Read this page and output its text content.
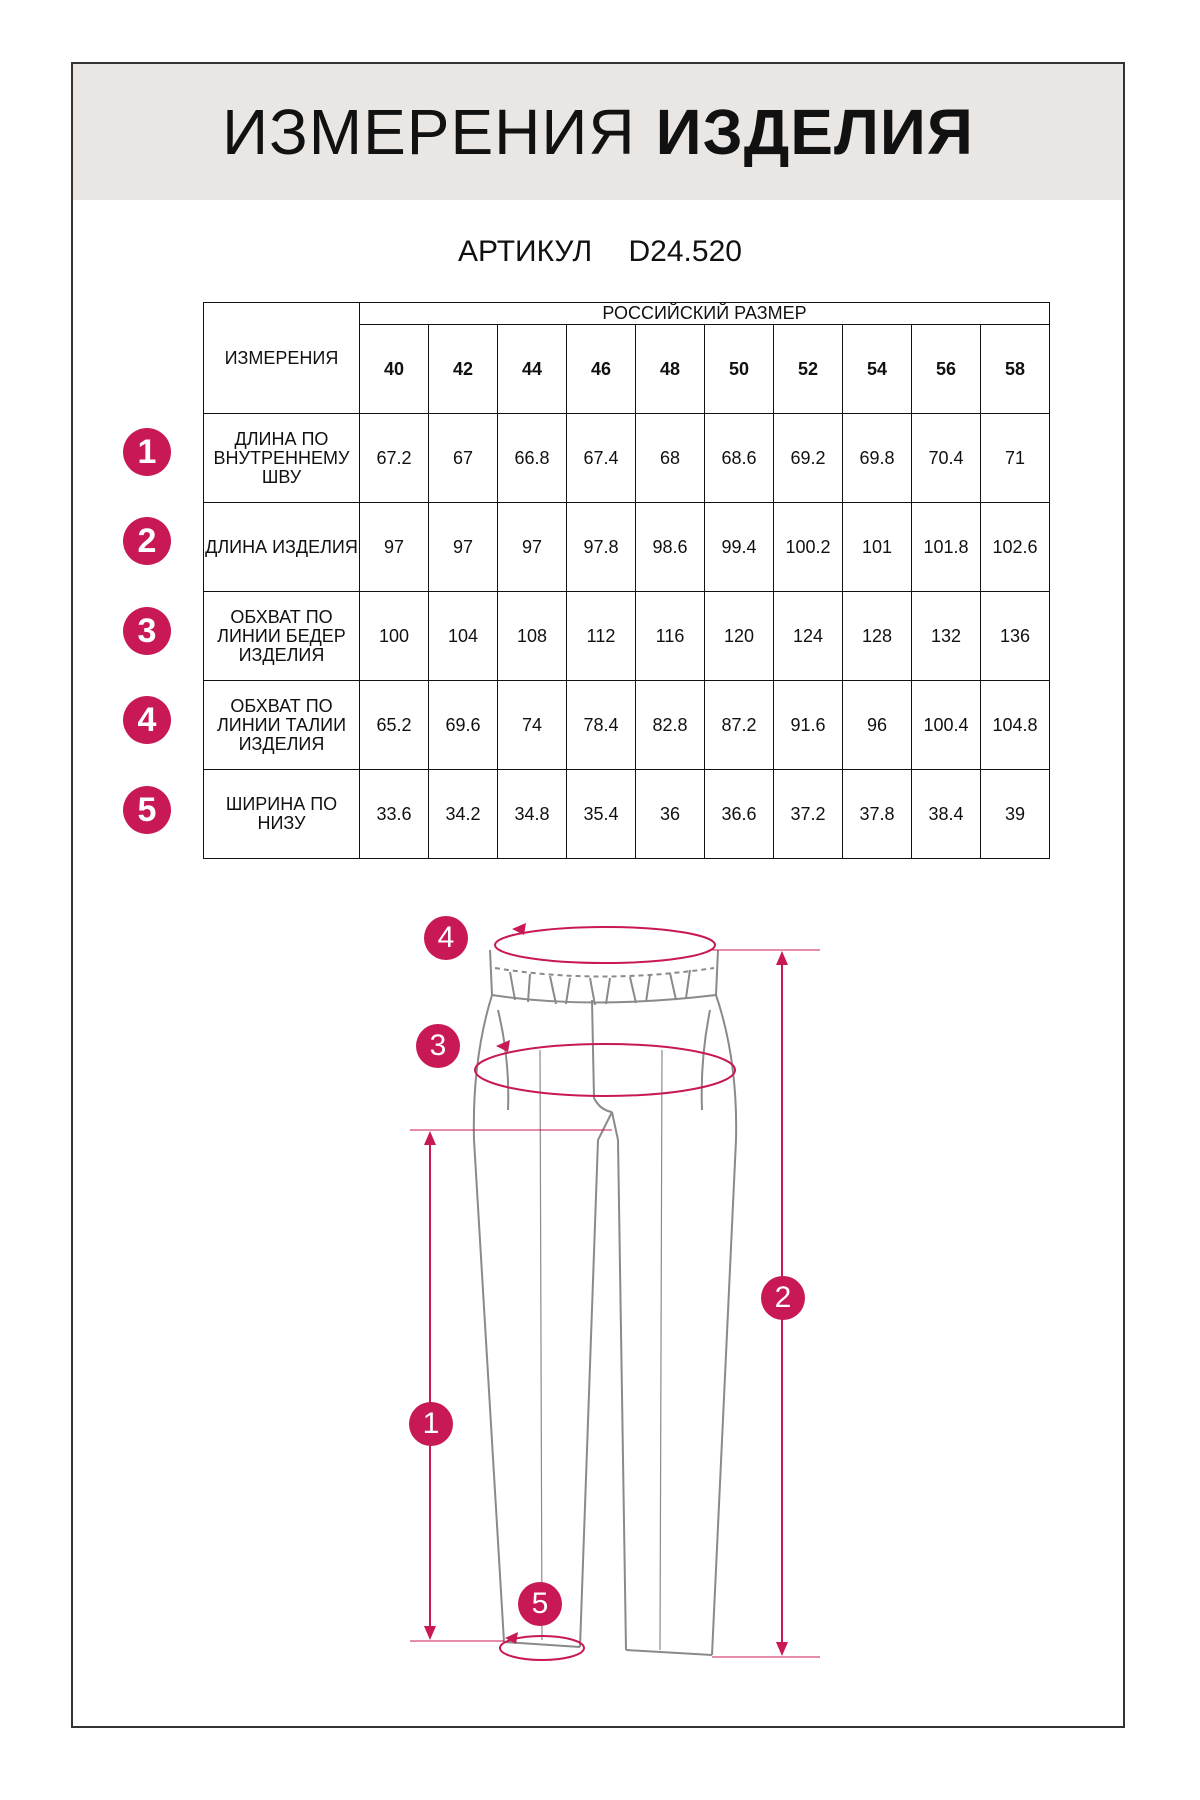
ИЗМЕРЕНИЯ ИЗДЕЛИЯ
АРТИКУЛ D24.520
ИЗМЕРЕНИЯ	РОССИЙСКИЙ РАЗМЕР									
	40	42	44	46	48	50	52	54	56	58
ДЛИНА ПО ВНУТРЕННЕМУ ШВУ	67.2	67	66.8	67.4	68	68.6	69.2	69.8	70.4	71
ДЛИНА ИЗДЕЛИЯ	97	97	97	97.8	98.6	99.4	100.2	101	101.8	102.6
ОБХВАТ ПО ЛИНИИ БЕДЕР ИЗДЕЛИЯ	100	104	108	112	116	120	124	128	132	136
ОБХВАТ ПО ЛИНИИ ТАЛИИ ИЗДЕЛИЯ	65.2	69.6	74	78.4	82.8	87.2	91.6	96	100.4	104.8
ШИРИНА ПО НИЗУ	33.6	34.2	34.8	35.4	36	36.6	37.2	37.8	38.4	39
1
2
3
4
5
4
3
2
1
5
